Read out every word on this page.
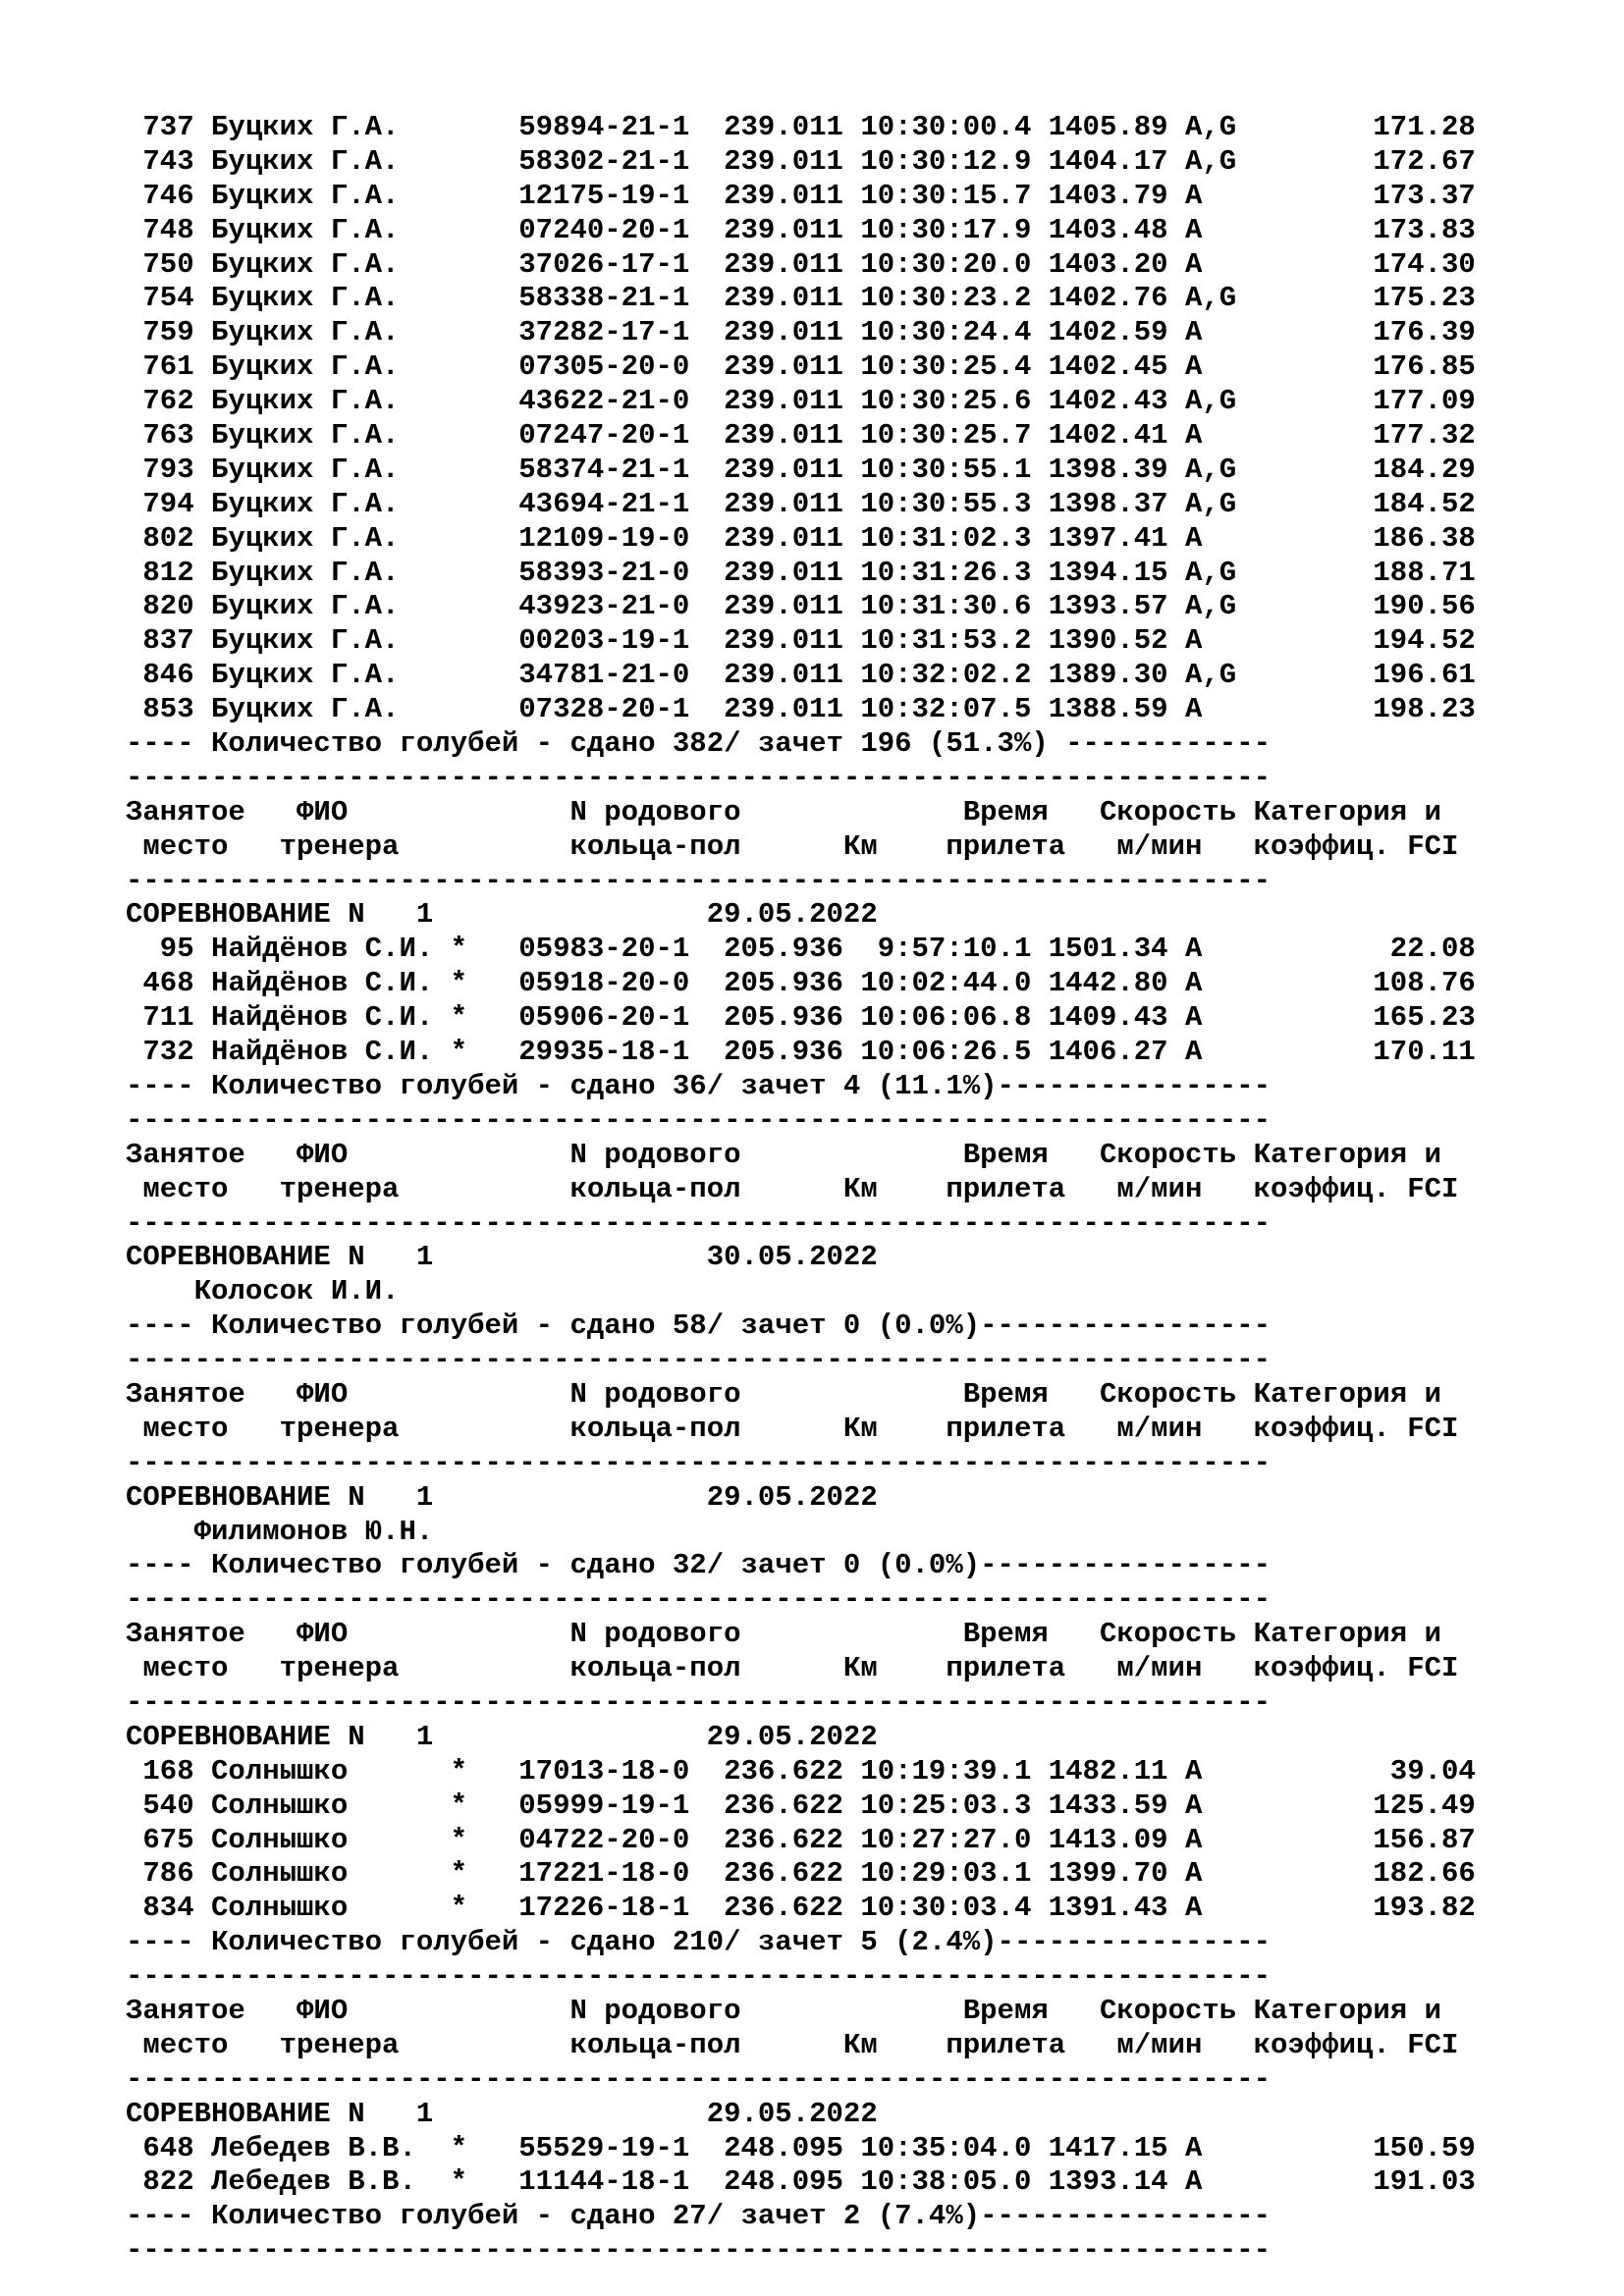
737 Буцких Г.А.       59894-21-1  239.011 10:30:00.4 1405.89 A,G        171.28
743 Буцких Г.А.       58302-21-1  239.011 10:30:12.9 1404.17 A,G        172.67
746 Буцких Г.А.       12175-19-1  239.011 10:30:15.7 1403.79 A          173.37
748 Буцких Г.А.       07240-20-1  239.011 10:30:17.9 1403.48 A          173.83
750 Буцких Г.А.       37026-17-1  239.011 10:30:20.0 1403.20 A          174.30
754 Буцких Г.А.       58338-21-1  239.011 10:30:23.2 1402.76 A,G        175.23
759 Буцких Г.А.       37282-17-1  239.011 10:30:24.4 1402.59 A          176.39
761 Буцких Г.А.       07305-20-0  239.011 10:30:25.4 1402.45 A          176.85
762 Буцких Г.А.       43622-21-0  239.011 10:30:25.6 1402.43 A,G        177.09
763 Буцких Г.А.       07247-20-1  239.011 10:30:25.7 1402.41 A          177.32
793 Буцких Г.А.       58374-21-1  239.011 10:30:55.1 1398.39 A,G        184.29
794 Буцких Г.А.       43694-21-1  239.011 10:30:55.3 1398.37 A,G        184.52
802 Буцких Г.А.       12109-19-0  239.011 10:31:02.3 1397.41 A          186.38
812 Буцких Г.А.       58393-21-0  239.011 10:31:26.3 1394.15 A,G        188.71
820 Буцких Г.А.       43923-21-0  239.011 10:31:30.6 1393.57 A,G        190.56
837 Буцких Г.А.       00203-19-1  239.011 10:31:53.2 1390.52 A          194.52
846 Буцких Г.А.       34781-21-0  239.011 10:32:02.2 1389.30 A,G        196.61
853 Буцких Г.А.       07328-20-1  239.011 10:32:07.5 1388.59 A          198.23
---- Количество голубей - сдано 382/ зачет 196 (51.3%) ------------
-------------------------------------------------------------------
Занятое   ФИО             N родового             Время   Скорость Категория и
место   тренера          кольца-пол      Км    прилета   м/мин   коэффиц. FCI
-------------------------------------------------------------------
СОРЕВНОВАНИЕ N   1                29.05.2022
95 Найдёнов С.И. *   05983-20-1  205.936  9:57:10.1 1501.34 A           22.08
468 Найдёнов С.И. *   05918-20-0  205.936 10:02:44.0 1442.80 A          108.76
711 Найдёнов С.И. *   05906-20-1  205.936 10:06:06.8 1409.43 A          165.23
732 Найдёнов С.И. *   29935-18-1  205.936 10:06:26.5 1406.27 A          170.11
---- Количество голубей - сдано 36/ зачет 4 (11.1%)----------------
-------------------------------------------------------------------
Занятое   ФИО             N родового             Время   Скорость Категория и
место   тренера          кольца-пол      Км    прилета   м/мин   коэффиц. FCI
-------------------------------------------------------------------
СОРЕВНОВАНИЕ N   1                30.05.2022
Колосок И.И.
---- Количество голубей - сдано 58/ зачет 0 (0.0%)-----------------
-------------------------------------------------------------------
Занятое   ФИО             N родового             Время   Скорость Категория и
место   тренера          кольца-пол      Км    прилета   м/мин   коэффиц. FCI
-------------------------------------------------------------------
СОРЕВНОВАНИЕ N   1                29.05.2022
Филимонов Ю.Н.
---- Количество голубей - сдано 32/ зачет 0 (0.0%)-----------------
-------------------------------------------------------------------
Занятое   ФИО             N родового             Время   Скорость Категория и
место   тренера          кольца-пол      Км    прилета   м/мин   коэффиц. FCI
-------------------------------------------------------------------
СОРЕВНОВАНИЕ N   1                29.05.2022
168 Солнышко      *   17013-18-0  236.622 10:19:39.1 1482.11 A           39.04
540 Солнышко      *   05999-19-1  236.622 10:25:03.3 1433.59 A          125.49
675 Солнышко      *   04722-20-0  236.622 10:27:27.0 1413.09 A          156.87
786 Солнышко      *   17221-18-0  236.622 10:29:03.1 1399.70 A          182.66
834 Солнышко      *   17226-18-1  236.622 10:30:03.4 1391.43 A          193.82
---- Количество голубей - сдано 210/ зачет 5 (2.4%)----------------
-------------------------------------------------------------------
Занятое   ФИО             N родового             Время   Скорость Категория и
место   тренера          кольца-пол      Км    прилета   м/мин   коэффиц. FCI
-------------------------------------------------------------------
СОРЕВНОВАНИЕ N   1                29.05.2022
648 Лебедев В.В.  *   55529-19-1  248.095 10:35:04.0 1417.15 A          150.59
822 Лебедев В.В.  *   11144-18-1  248.095 10:38:05.0 1393.14 A          191.03
---- Количество голубей - сдано 27/ зачет 2 (7.4%)-----------------
-------------------------------------------------------------------
